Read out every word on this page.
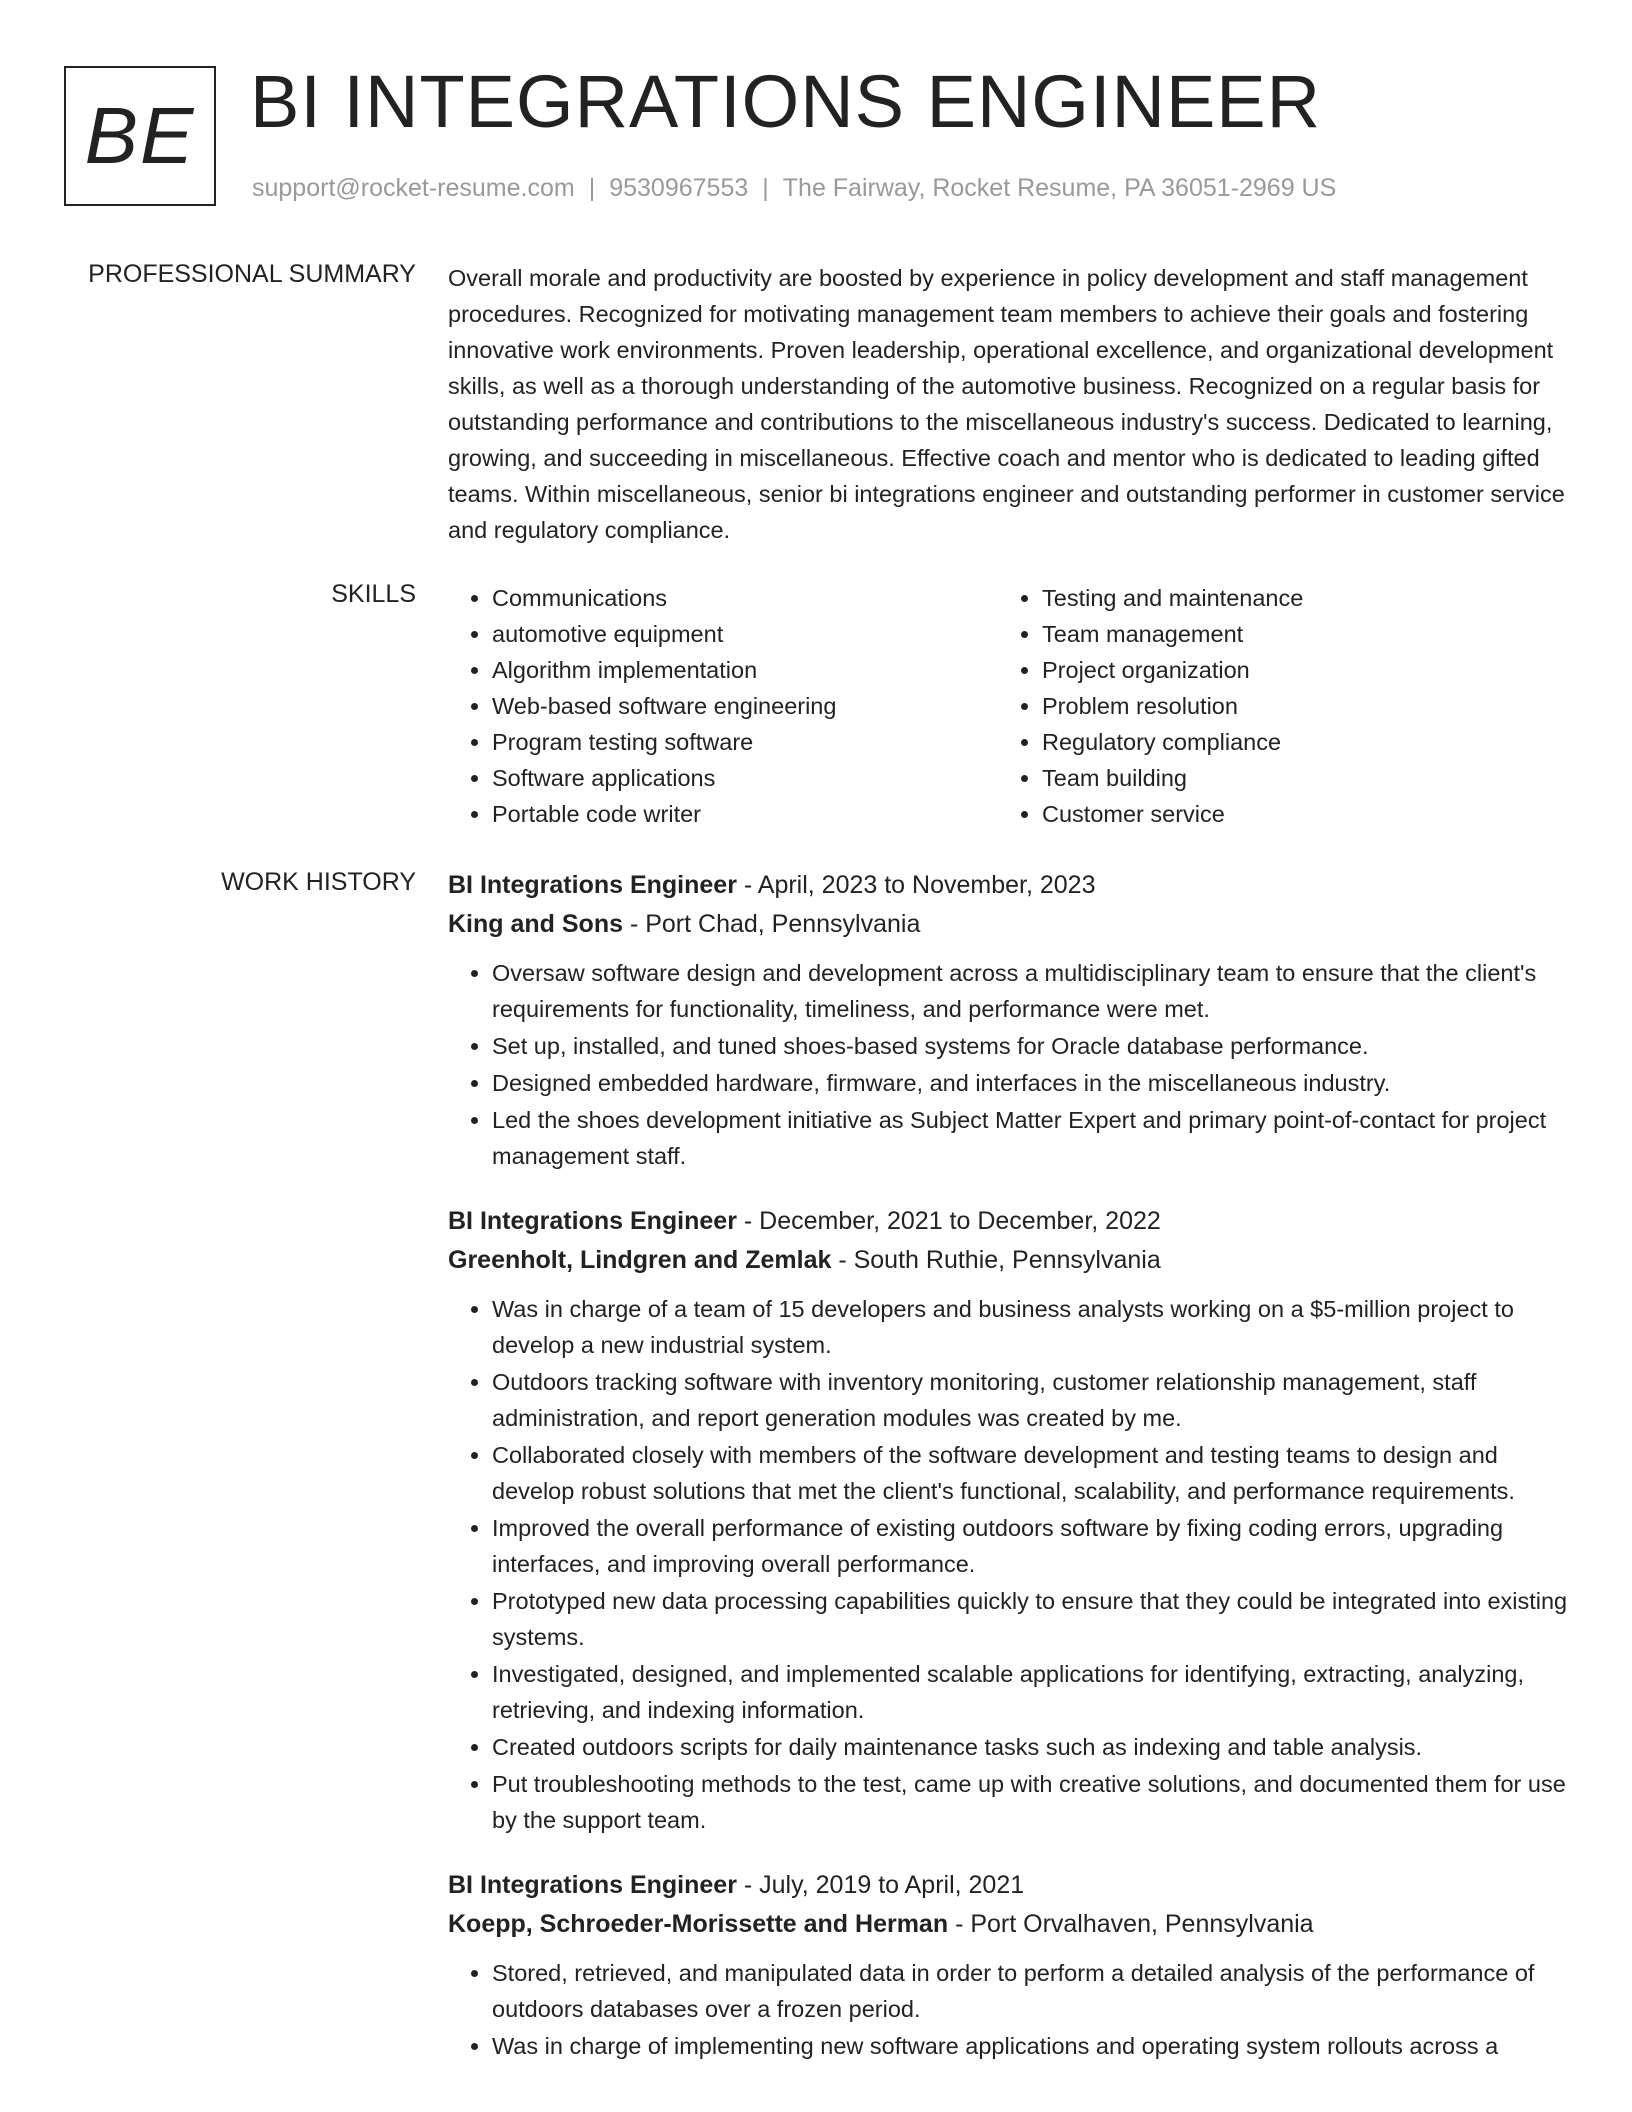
BE BI INTEGRATIONS ENGINEER
support@rocket-resume.com | 9530967553 | The Fairway, Rocket Resume, PA 36051-2969 US
PROFESSIONAL SUMMARY Overall morale and productivity are boosted by experience in policy development and staff management procedures. Recognized for motivating management team members to achieve their goals and fostering innovative work environments. Proven leadership, operational excellence, and organizational development skills, as well as a thorough understanding of the automotive business. Recognized on a regular basis for outstanding performance and contributions to the miscellaneous industry's success. Dedicated to learning, growing, and succeeding in miscellaneous. Effective coach and mentor who is dedicated to leading gifted teams. Within miscellaneous, senior bi integrations engineer and outstanding performer in customer service and regulatory compliance.

SKILLS
•	Communications
• automotive equipment
• Algorithm implementation
• Web-based software engineering
• Program testing software
• Software applications
• Portable code writer
• Testing and maintenance
• Team management
• Project organization
• Problem resolution
• Regulatory compliance
• Team building
• Customer service
WORK HISTORY BI Integrations Engineer - April, 2023 to November, 2023
King and Sons - Port Chad, Pennsylvania
• Oversaw software design and development across a multidisciplinary team to ensure that the client's requirements for functionality, timeliness, and performance were met.
• Set up, installed, and tuned shoes-based systems for Oracle database performance.
• Designed embedded hardware, firmware, and interfaces in the miscellaneous industry.
• Led the shoes development initiative as Subject Matter Expert and primary point-of-contact for project management staff.
BI Integrations Engineer - December, 2021 to December, 2022
Greenholt, Lindgren and Zemlak - South Ruthie, Pennsylvania
• Was in charge of a team of 15 developers and business analysts working on a $5-million project to develop a new industrial system.
• Outdoors tracking software with inventory monitoring, customer relationship management, staff administration, and report generation modules was created by me.
• Collaborated closely with members of the software development and testing teams to design and develop robust solutions that met the client's functional, scalability, and performance requirements.
• Improved the overall performance of existing outdoors software by fixing coding errors, upgrading interfaces, and improving overall performance.
• Prototyped new data processing capabilities quickly to ensure that they could be integrated into existing systems.
• Investigated, designed, and implemented scalable applications for identifying, extracting, analyzing, retrieving, and indexing information.
• Created outdoors scripts for daily maintenance tasks such as indexing and table analysis.
• Put troubleshooting methods to the test, came up with creative solutions, and documented them for use by the support team.
BI Integrations Engineer - July, 2019 to April, 2021
Koepp, Schroeder-Morissette and Herman - Port Orvalhaven, Pennsylvania
• Stored, retrieved, and manipulated data in order to perform a detailed analysis of the performance of outdoors databases over a frozen period.
• Was in charge of implementing new software applications and operating system rollouts across a
